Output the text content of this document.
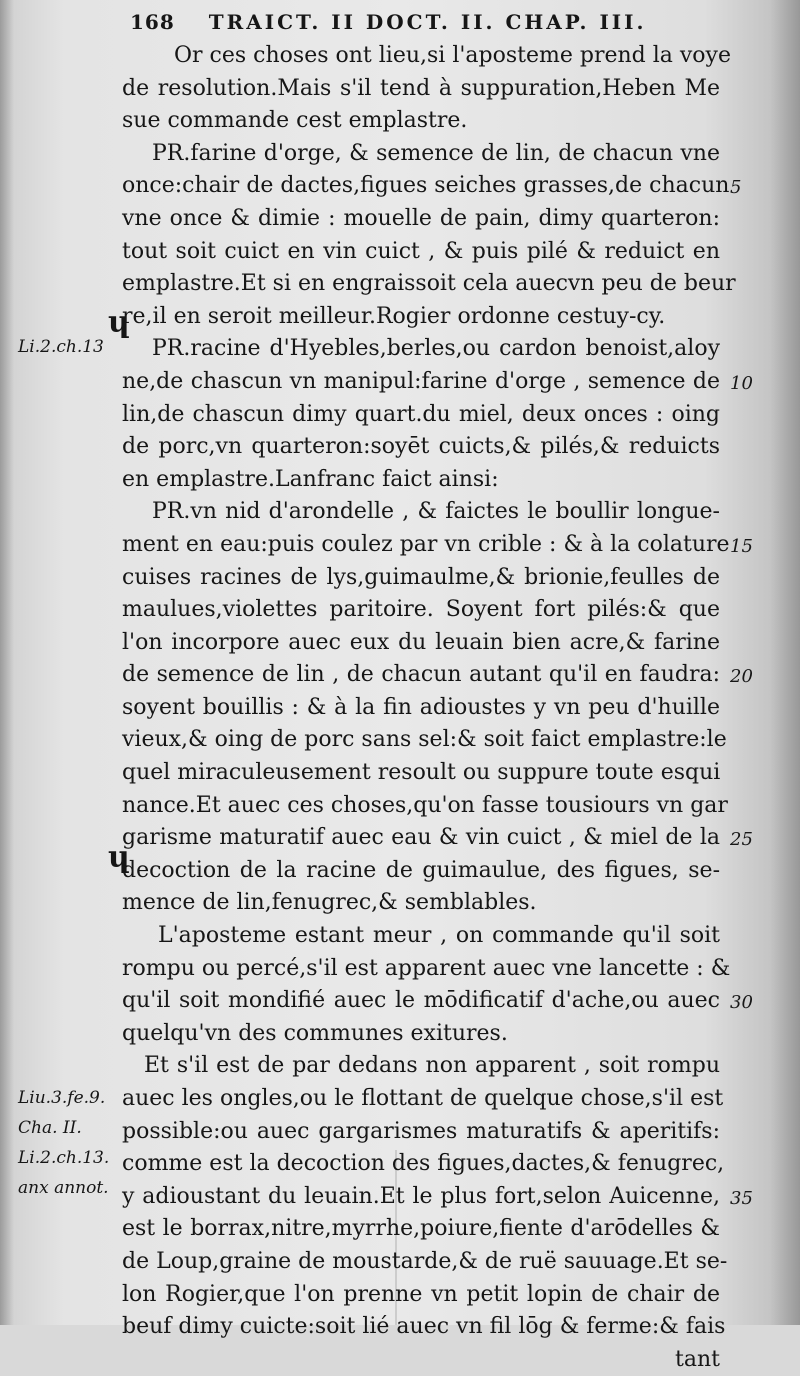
168 TRAICT. II DOCT. II. CHAP. III.
Li.2.ch.13
Liu.3.fe.9.
Cha. II.
Li.2.ch.13.
anx annot.
ɥ
ɥ
Or ces choses ont lieu,si l'aposteme prend la voye
de resolution.Mais s'il tend à suppuration,Heben Me
sue commande cest emplastre.
PR.farine d'orge, & semence de lin, de chacun vne
once:chair de dactes,figues seiches grasses,de chacun 5
vne once & dimie : mouelle de pain, dimy quarteron:
tout soit cuict en vin cuict , & puis pilé & reduict en
emplastre.Et si en engraissoit cela auecvn peu de beur
re,il en seroit meilleur.Rogier ordonne cestuy-cy.
PR.racine d'Hyebles,berles,ou cardon benoist,aloy
ne,de chascun vn manipul:farine d'orge , semence de 10
lin,de chascun dimy quart.du miel, deux onces : oing
de porc,vn quarteron:soyēt cuicts,& pilés,& reduicts
en emplastre.Lanfranc faict ainsi:
PR.vn nid d'arondelle , & faictes le boullir longue-
ment en eau:puis coulez par vn crible : & à la colature 15
cuises racines de lys,guimaulme,& brionie,feulles de
maulues,violettes paritoire. Soyent fort pilés:& que
l'on incorpore auec eux du leuain bien acre,& farine
de semence de lin , de chacun autant qu'il en faudra: 20
soyent bouillis : & à la fin adioustes y vn peu d'huille
vieux,& oing de porc sans sel:& soit faict emplastre:le
quel miraculeusement resoult ou suppure toute esqui
nance.Et auec ces choses,qu'on fasse tousiours vn gar
garisme maturatif auec eau & vin cuict , & miel de la 25
decoction de la racine de guimaulue, des figues, se-
mence de lin,fenugrec,& semblables.
L'aposteme estant meur , on commande qu'il soit
rompu ou percé,s'il est apparent auec vne lancette : &
qu'il soit mondifié auec le mōdificatif d'ache,ou auec 30
quelqu'vn des communes exitures.
Et s'il est de par dedans non apparent , soit rompu
auec les ongles,ou le flottant de quelque chose,s'il est
possible:ou auec gargarismes maturatifs & aperitifs:
comme est la decoction des figues,dactes,& fenugrec,
y adioustant du leuain.Et le plus fort,selon Auicenne, 35
est le borrax,nitre,myrrhe,poiure,fiente d'arōdelles &
de Loup,graine de moustarde,& de ruë sauuage.Et se-
lon Rogier,que l'on prenne vn petit lopin de chair de
beuf dimy cuicte:soit lié auec vn fil lōg & ferme:& fais
tant
